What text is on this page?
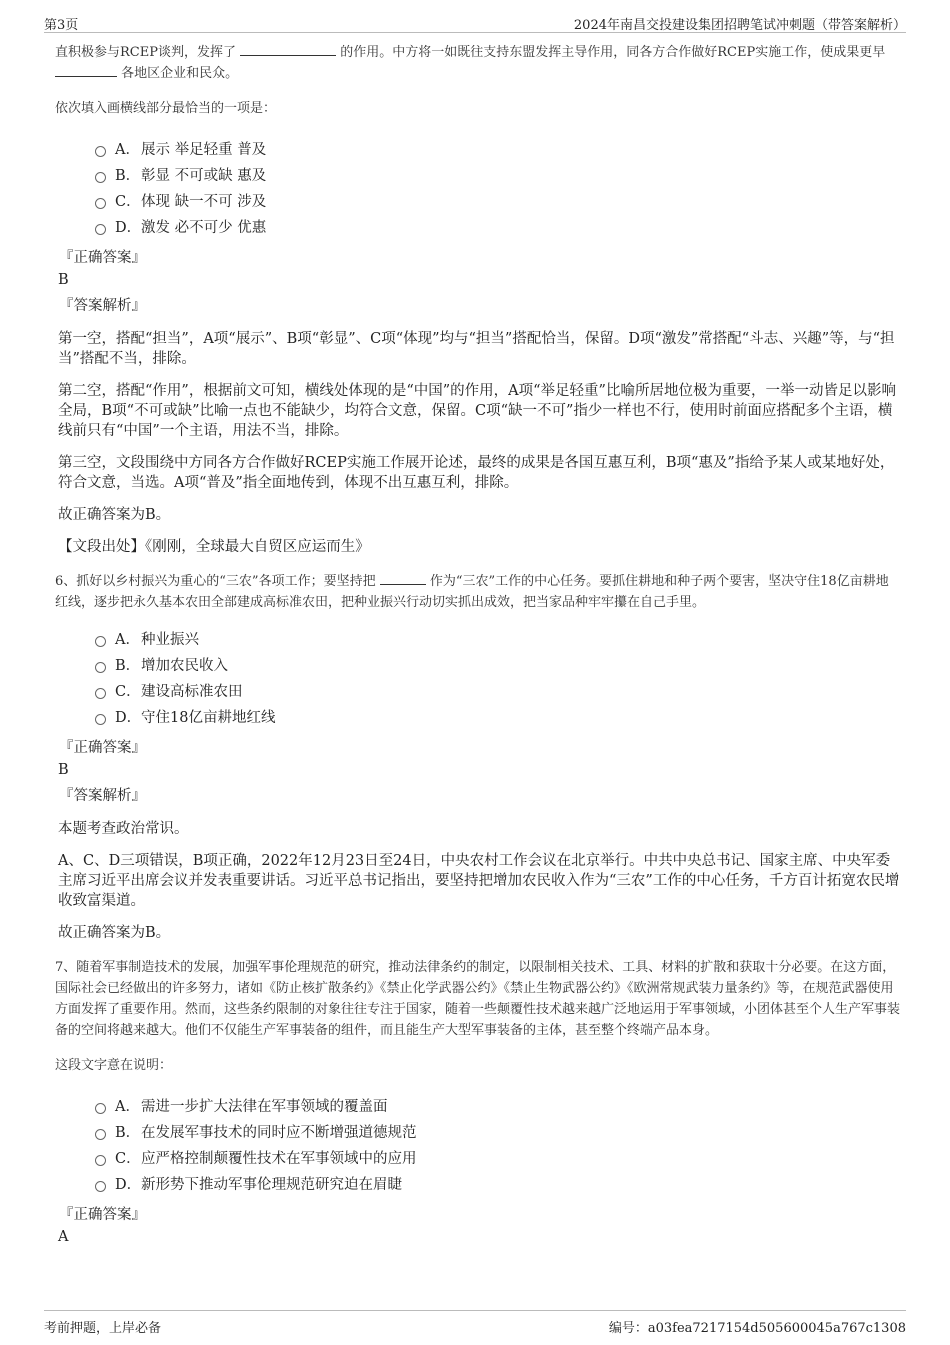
第3页	2024年南昌交投建设集团招聘笔试冲刺题（带答案解析）

直积极参与RCEP谈判，发挥了	的作用。中方将一如既往支持东盟发挥主导作用，同各方合作做好RCEP实施工作，使成果更早  各地区企业和民众。

依次填入画横线部分最恰当的一项是：

A．展示 举足轻重 普及
B．彰显 不可或缺 惠及
C．体现 缺一不可 涉及
D．激发 必不可少 优惠

『正确答案』

B

『答案解析』

第一空，搭配“担当”，A项“展示”、B项“彰显”、C项“体现”均与“担当”搭配恰当，保留。D项“激发”常搭配“斗志、兴趣”等，与“担当”搭配不当，排除。

第二空，搭配“作用”，根据前文可知，横线处体现的是“中国”的作用，A项“举足轻重”比喻所居地位极为重要，一举一动皆足以影响全局，B项“不可或缺”比喻一点也不能缺少，均符合文意，保留。C项“缺一不可”指少一样也不行，使用时前面应搭配多个主语，横线前只有“中国”一个主语，用法不当，排除。

第三空，文段围绕中方同各方合作做好RCEP实施工作展开论述，最终的成果是各国互惠互利，B项“惠及”指给予某人或某地好处，符合文意，当选。A项“普及”指全面地传到，体现不出互惠互利，排除。

故正确答案为B。

【文段出处】《刚刚，全球最大自贸区应运而生》

6、抓好以乡村振兴为重心的“三农”各项工作；要坚持把	作为“三农”工作的中心任务。要抓住耕地和种子两个要害，坚决守住18亿亩耕地红线，逐步把永久基本农田全部建成高标准农田，把种业振兴行动切实抓出成效，把当家品种牢牢攥在自己手里。

A．种业振兴
B．增加农民收入
C．建设高标准农田
D．守住18亿亩耕地红线

『正确答案』

B

『答案解析』

本题考查政治常识。

A、C、D三项错误，B项正确，2022年12月23日至24日，中央农村工作会议在北京举行。中共中央总书记、国家主席、中央军委主席习近平出席会议并发表重要讲话。习近平总书记指出，要坚持把增加农民收入作为“三农”工作的中心任务，千方百计拓宽农民增收致富渠道。

故正确答案为B。

7、随着军事制造技术的发展，加强军事伦理规范的研究，推动法律条约的制定，以限制相关技术、工具、材料的扩散和获取十分必要。在这方面，国际社会已经做出的许多努力，诸如《防止核扩散条约》《禁止化学武器公约》《禁止生物武器公约》《欧洲常规武装力量条约》等，在规范武器使用方面发挥了重要作用。然而，这些条约限制的对象往往专注于国家，随着一些颠覆性技术越来越广泛地运用于军事领域，小团体甚至个人生产军事装备的空间将越来越大。他们不仅能生产军事装备的组件，而且能生产大型军事装备的主体，甚至整个终端产品本身。

这段文字意在说明：

A．需进一步扩大法律在军事领域的覆盖面
B．在发展军事技术的同时应不断增强道德规范
C．应严格控制颠覆性技术在军事领域中的应用
D．新形势下推动军事伦理规范研究迫在眉睫

『正确答案』

A

考前押题，上岸必备	编号：a03fea7217154d505600045a767c1308
